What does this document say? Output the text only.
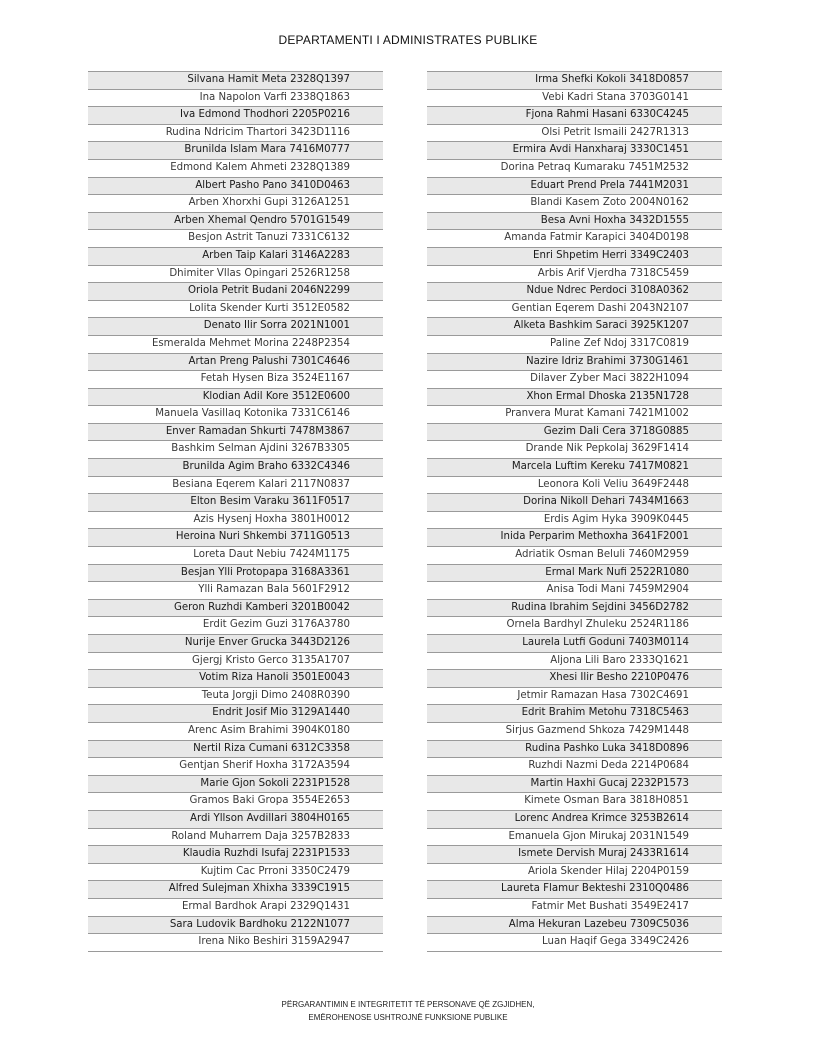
DEPARTAMENTI I ADMINISTRATES PUBLIKE
Silvana Hamit Meta 2328Q1397
Ina Napolon Varfi 2338Q1863
Iva Edmond Thodhori 2205P0216
Rudina Ndricim Thartori 3423D1116
Brunilda Islam Mara 7416M0777
Edmond Kalem Ahmeti 2328Q1389
Albert Pasho Pano 3410D0463
Arben Xhorxhi Gupi 3126A1251
Arben Xhemal Qendro 5701G1549
Besjon Astrit Tanuzi 7331C6132
Arben Taip Kalari 3146A2283
Dhimiter Vllas Opingari 2526R1258
Oriola Petrit Budani 2046N2299
Lolita Skender Kurti 3512E0582
Denato Ilir Sorra 2021N1001
Esmeralda Mehmet Morina 2248P2354
Artan Preng Palushi 7301C4646
Fetah Hysen Biza 3524E1167
Klodian Adil Kore 3512E0600
Manuela Vasillaq Kotonika 7331C6146
Enver Ramadan Shkurti 7478M3867
Bashkim Selman Ajdini 3267B3305
Brunilda Agim Braho 6332C4346
Besiana Eqerem Kalari 2117N0837
Elton Besim Varaku 3611F0517
Azis Hysenj Hoxha 3801H0012
Heroina Nuri Shkembi 3711G0513
Loreta Daut Nebiu 7424M1175
Besjan Ylli Protopapa 3168A3361
Ylli Ramazan Bala 5601F2912
Geron Ruzhdi Kamberi 3201B0042
Erdit Gezim Guzi 3176A3780
Nurije Enver Grucka 3443D2126
Gjergj Kristo Gerco 3135A1707
Votim Riza Hanoli 3501E0043
Teuta Jorgji Dimo 2408R0390
Endrit Josif Mio 3129A1440
Arenc Asim Brahimi 3904K0180
Nertil Riza Cumani 6312C3358
Gentjan Sherif Hoxha 3172A3594
Marie Gjon Sokoli 2231P1528
Gramos Baki Gropa 3554E2653
Ardi Yllson Avdillari 3804H0165
Roland Muharrem Daja 3257B2833
Klaudia Ruzhdi Isufaj 2231P1533
Kujtim Cac Prroni 3350C2479
Alfred Sulejman Xhixha 3339C1915
Ermal Bardhok Arapi 2329Q1431
Sara Ludovik Bardhoku 2122N1077
Irena Niko Beshiri 3159A2947
Irma Shefki Kokoli 3418D0857
Vebi Kadri Stana 3703G0141
Fjona Rahmi Hasani 6330C4245
Olsi Petrit Ismaili 2427R1313
Ermira Avdi Hanxharaj 3330C1451
Dorina Petraq Kumaraku 7451M2532
Eduart Prend Prela 7441M2031
Blandi Kasem Zoto 2004N0162
Besa Avni Hoxha 3432D1555
Amanda Fatmir Karapici 3404D0198
Enri Shpetim Herri 3349C2403
Arbis Arif Vjerdha 7318C5459
Ndue Ndrec Perdoci 3108A0362
Gentian Eqerem Dashi 2043N2107
Alketa Bashkim Saraci 3925K1207
Paline Zef Ndoj 3317C0819
Nazire Idriz Brahimi 3730G1461
Dilaver Zyber Maci 3822H1094
Xhon Ermal Dhoska 2135N1728
Pranvera Murat Kamani 7421M1002
Gezim Dali Cera 3718G0885
Drande Nik Pepkolaj 3629F1414
Marcela Luftim Kereku 7417M0821
Leonora Koli Veliu 3649F2448
Dorina Nikoll Dehari 7434M1663
Erdis Agim Hyka 3909K0445
Inida Perparim Methoxha 3641F2001
Adriatik Osman Beluli 7460M2959
Ermal Mark Nufi 2522R1080
Anisa Todi Mani 7459M2904
Rudina Ibrahim Sejdini 3456D2782
Ornela Bardhyl Zhuleku 2524R1186
Laurela Lutfi Goduni 7403M0114
Aljona Lili Baro 2333Q1621
Xhesi Ilir Besho 2210P0476
Jetmir Ramazan Hasa 7302C4691
Edrit Brahim Metohu 7318C5463
Sirjus Gazmend Shkoza 7429M1448
Rudina Pashko Luka 3418D0896
Ruzhdi Nazmi Deda 2214P0684
Martin Haxhi Gucaj 2232P1573
Kimete Osman Bara 3818H0851
Lorenc Andrea Krimce 3253B2614
Emanuela Gjon Mirukaj 2031N1549
Ismete Dervish Muraj 2433R1614
Ariola Skender Hilaj 2204P0159
Laureta Flamur Bekteshi 2310Q0486
Fatmir Met Bushati 3549E2417
Alma Hekuran Lazebeu 7309C5036
Luan Haqif Gega 3349C2426
PËRGARANTIMIN E INTEGRITETIT TË PERSONAVE QË ZGJIDHEN,
EMËROHENOSE USHTROJNË FUNKSIONE PUBLIKE
